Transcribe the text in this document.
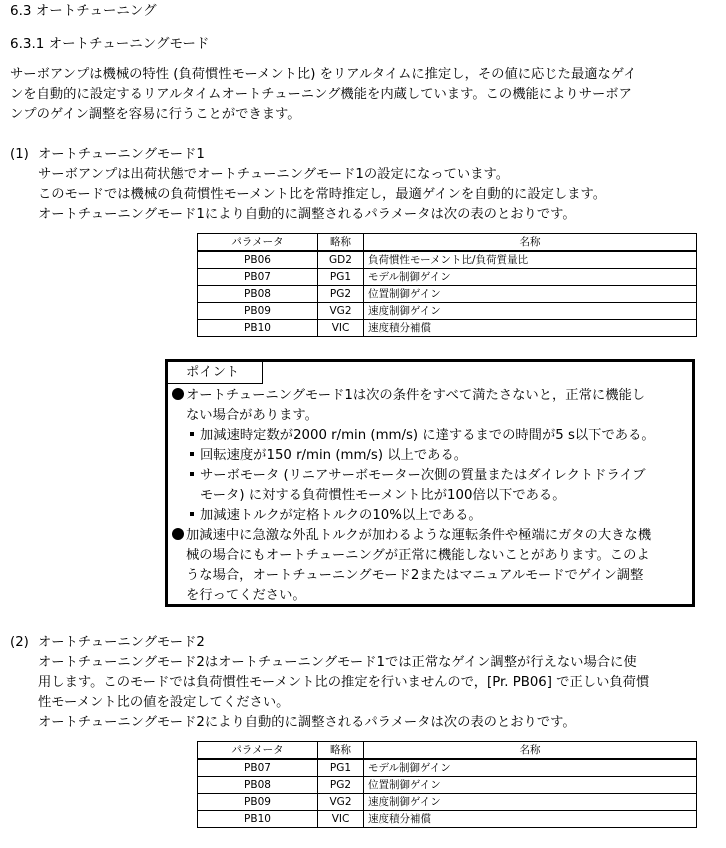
6.3 オートチューニング
6.3.1 オートチューニングモード
サーボアンプは機械の特性 (負荷慣性モーメント比) をリアルタイムに推定し，その値に応じた最適なゲイ
ンを自動的に設定するリアルタイムオートチューニング機能を内蔵しています。この機能によりサーボア
ンプのゲイン調整を容易に行うことができます。
(1) オートチューニングモード1
サーボアンプは出荷状態でオートチューニングモード1の設定になっています。
このモードでは機械の負荷慣性モーメント比を常時推定し，最適ゲインを自動的に設定します。
オートチューニングモード1により自動的に調整されるパラメータは次の表のとおりです。
パラメータ	略称	名称
PB06	GD2	負荷慣性モーメント比/負荷質量比
PB07	PG1	モデル制御ゲイン
PB08	PG2	位置制御ゲイン
PB09	VG2	速度制御ゲイン
PB10	VIC	速度積分補償
ポイント
オートチューニングモード1は次の条件をすべて満たさないと，正常に機能し
ない場合があります。
加減速時定数が2000 r/min (mm/s) に達するまでの時間が5 s以下である。
回転速度が150 r/min (mm/s) 以上である。
サーボモータ (リニアサーボモーター次側の質量またはダイレクトドライブ
モータ) に対する負荷慣性モーメント比が100倍以下である。
加減速トルクが定格トルクの10%以上である。
加減速中に急激な外乱トルクが加わるような運転条件や極端にガタの大きな機
械の場合にもオートチューニングが正常に機能しないことがあります。このよ
うな場合，オートチューニングモード2またはマニュアルモードでゲイン調整
を行ってください。
(2) オートチューニングモード2
オートチューニングモード2はオートチューニングモード1では正常なゲイン調整が行えない場合に使
用します。このモードでは負荷慣性モーメント比の推定を行いませんので，[Pr. PB06] で正しい負荷慣
性モーメント比の値を設定してください。
オートチューニングモード2により自動的に調整されるパラメータは次の表のとおりです。
パラメータ	略称	名称
PB07	PG1	モデル制御ゲイン
PB08	PG2	位置制御ゲイン
PB09	VG2	速度制御ゲイン
PB10	VIC	速度積分補償
